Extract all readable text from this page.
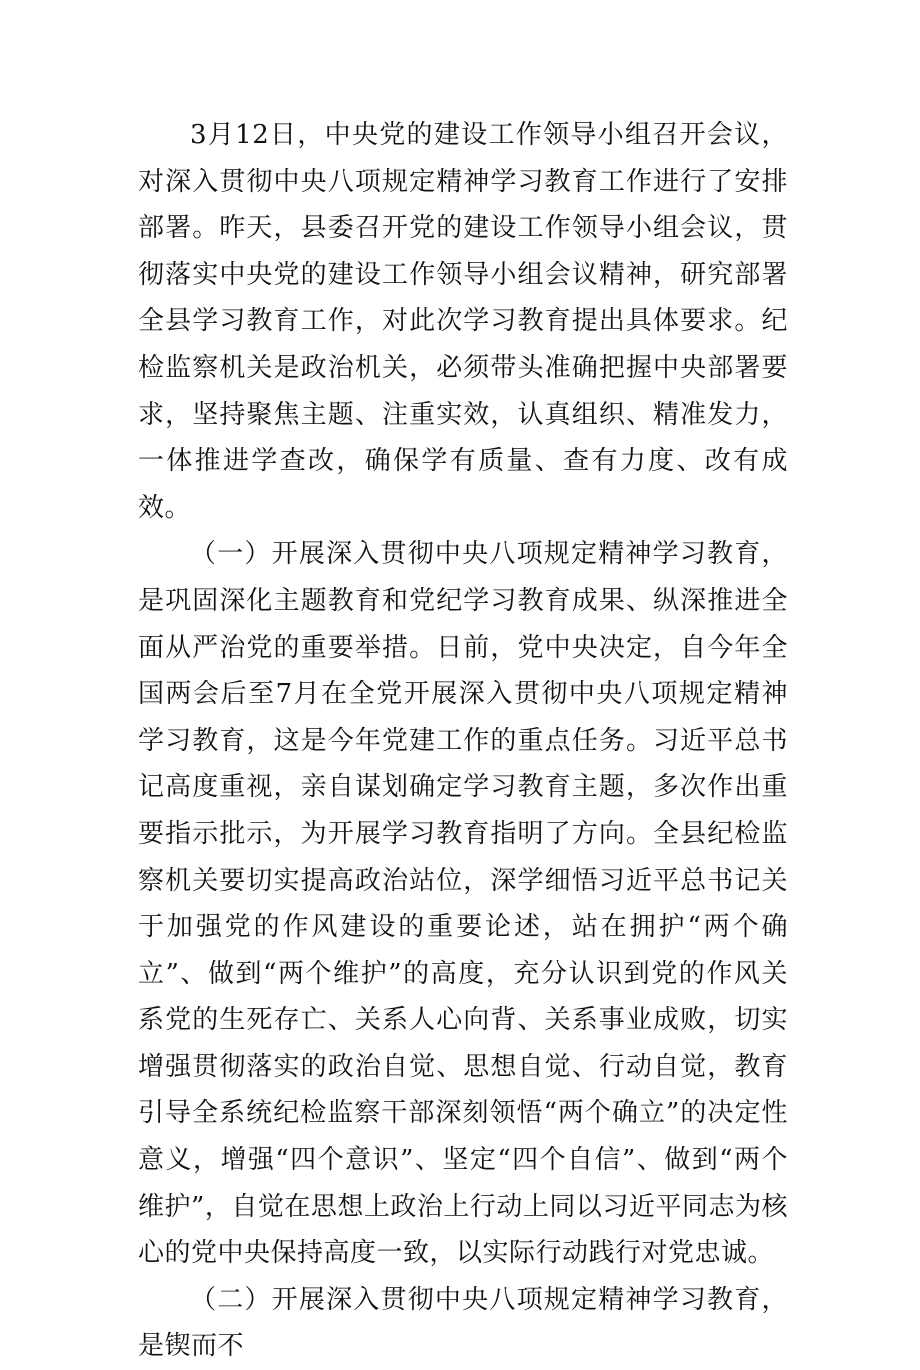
3月12日，中央党的建设工作领导小组召开会议，对深入贯彻中央八项规定精神学习教育工作进行了安排部署。昨天，县委召开党的建设工作领导小组会议，贯彻落实中央党的建设工作领导小组会议精神，研究部署全县学习教育工作，对此次学习教育提出具体要求。纪检监察机关是政治机关，必须带头准确把握中央部署要求，坚持聚焦主题、注重实效，认真组织、精准发力，一体推进学查改，确保学有质量、查有力度、改有成效。

（一）开展深入贯彻中央八项规定精神学习教育，是巩固深化主题教育和党纪学习教育成果、纵深推进全面从严治党的重要举措。日前，党中央决定，自今年全国两会后至7月在全党开展深入贯彻中央八项规定精神学习教育，这是今年党建工作的重点任务。习近平总书记高度重视，亲自谋划确定学习教育主题，多次作出重要指示批示，为开展学习教育指明了方向。全县纪检监察机关要切实提高政治站位，深学细悟习近平总书记关于加强党的作风建设的重要论述，站在拥护“两个确立”、做到“两个维护”的高度，充分认识到党的作风关系党的生死存亡、关系人心向背、关系事业成败，切实增强贯彻落实的政治自觉、思想自觉、行动自觉，教育引导全系统纪检监察干部深刻领悟“两个确立”的决定性意义，增强“四个意识”、坚定“四个自信”、做到“两个维护”，自觉在思想上政治上行动上同以习近平同志为核心的党中央保持高度一致，以实际行动践行对党忠诚。

（二）开展深入贯彻中央八项规定精神学习教育，是锲而不
